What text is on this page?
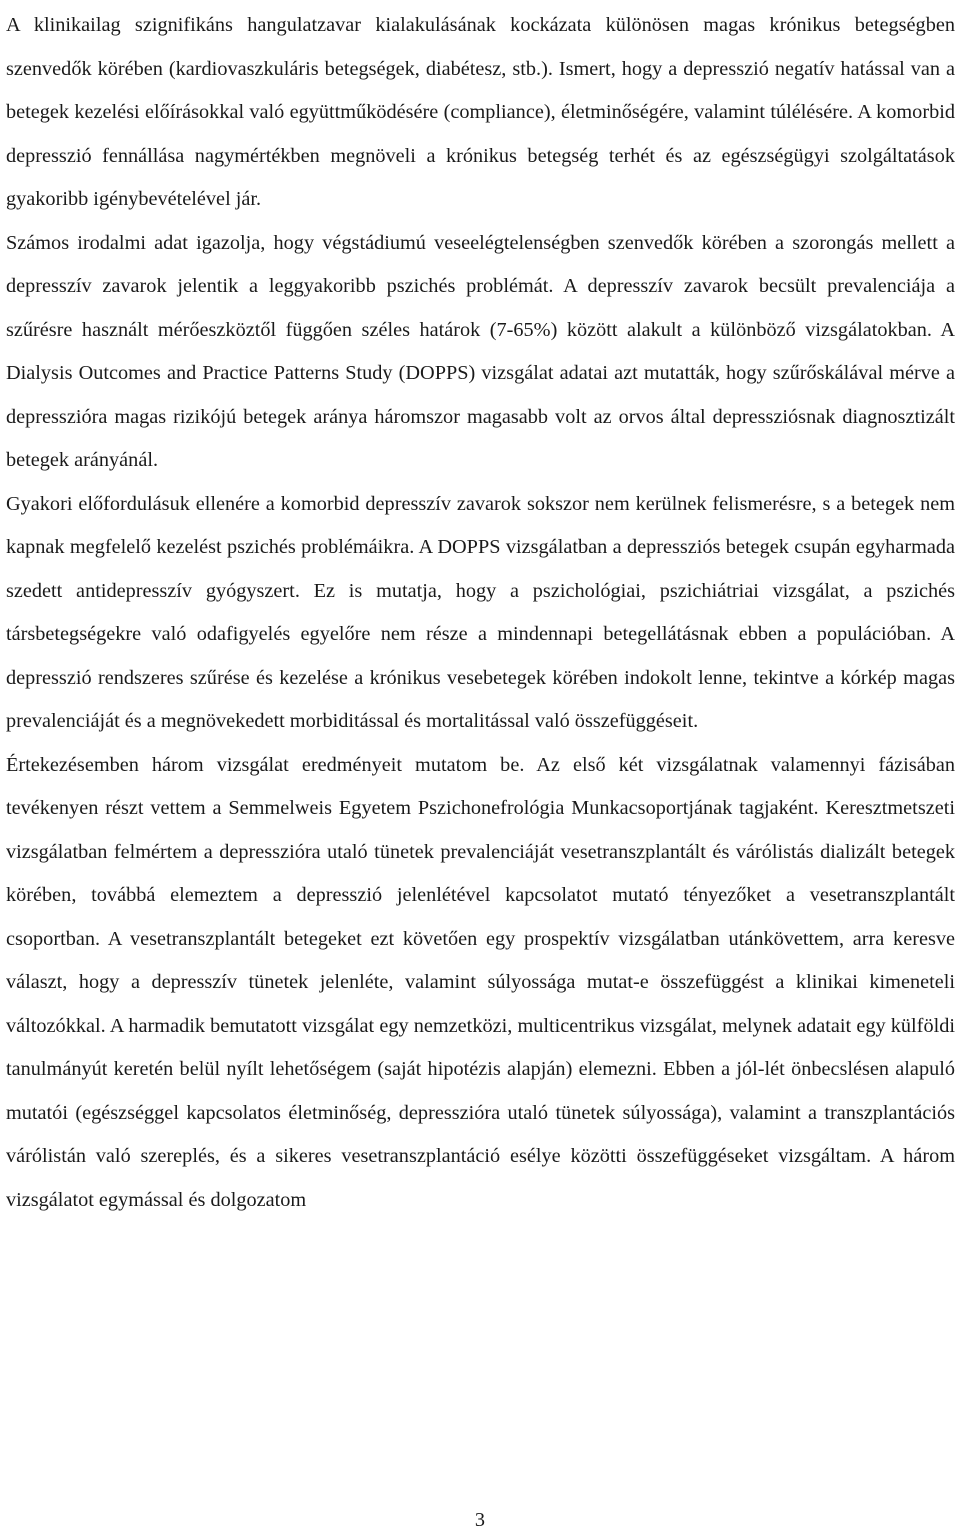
A klinikailag szignifikáns hangulatzavar kialakulásának kockázata különösen magas krónikus betegségben szenvedők körében (kardiovaszkuláris betegségek, diabétesz, stb.). Ismert, hogy a depresszió negatív hatással van a betegek kezelési előírásokkal való együttműködésére (compliance), életminőségére, valamint túlélésére. A komorbid depresszió fennállása nagymértékben megnöveli a krónikus betegség terhét és az egészségügyi szolgáltatások gyakoribb igénybevételével jár.

Számos irodalmi adat igazolja, hogy végstádiumú veseelégtelenségben szenvedők körében a szorongás mellett a depresszív zavarok jelentik a leggyakoribb pszichés problémát. A depresszív zavarok becsült prevalenciája a szűrésre használt mérőeszköztől függően széles határok (7-65%) között alakult a különböző vizsgálatokban. A Dialysis Outcomes and Practice Patterns Study (DOPPS) vizsgálat adatai azt mutatták, hogy szűrőskálával mérve a depresszióra magas rizikójú betegek aránya háromszor magasabb volt az orvos által depressziósnak diagnosztizált betegek arányánál.

Gyakori előfordulásuk ellenére a komorbid depresszív zavarok sokszor nem kerülnek felismerésre, s a betegek nem kapnak megfelelő kezelést pszichés problémáikra. A DOPPS vizsgálatban a depressziós betegek csupán egyharmada szedett antidepresszív gyógyszert. Ez is mutatja, hogy a pszichológiai, pszichiátriai vizsgálat, a pszichés társbetegségekre való odafigyelés egyelőre nem része a mindennapi betegellátásnak ebben a populációban. A depresszió rendszeres szűrése és kezelése a krónikus vesebetegek körében indokolt lenne, tekintve a kórkép magas prevalenciáját és a megnövekedett morbiditással és mortalitással való összefüggéseit.

Értekezésemben három vizsgálat eredményeit mutatom be. Az első két vizsgálatnak valamennyi fázisában tevékenyen részt vettem a Semmelweis Egyetem Pszichonefrológia Munkacsoportjának tagjaként. Keresztmetszeti vizsgálatban felmértem a depresszióra utaló tünetek prevalenciáját vesetranszplantált és várólistás dializált betegek körében, továbbá elemeztem a depresszió jelenlétével kapcsolatot mutató tényezőket a vesetranszplantált csoportban. A vesetranszplantált betegeket ezt követően egy prospektív vizsgálatban utánkövettem, arra keresve választ, hogy a depresszív tünetek jelenléte, valamint súlyossága mutat-e összefüggést a klinikai kimeneteli változókkal. A harmadik bemutatott vizsgálat egy nemzetközi, multicentrikus vizsgálat, melynek adatait egy külföldi tanulmányút keretén belül nyílt lehetőségem (saját hipotézis alapján) elemezni. Ebben a jól-lét önbecslésen alapuló mutatói (egészséggel kapcsolatos életminőség, depresszióra utaló tünetek súlyossága), valamint a transzplantációs várólistán való szereplés, és a sikeres vesetranszplantáció esélye közötti összefüggéseket vizsgáltam. A három vizsgálatot egymással és dolgozatom

3
